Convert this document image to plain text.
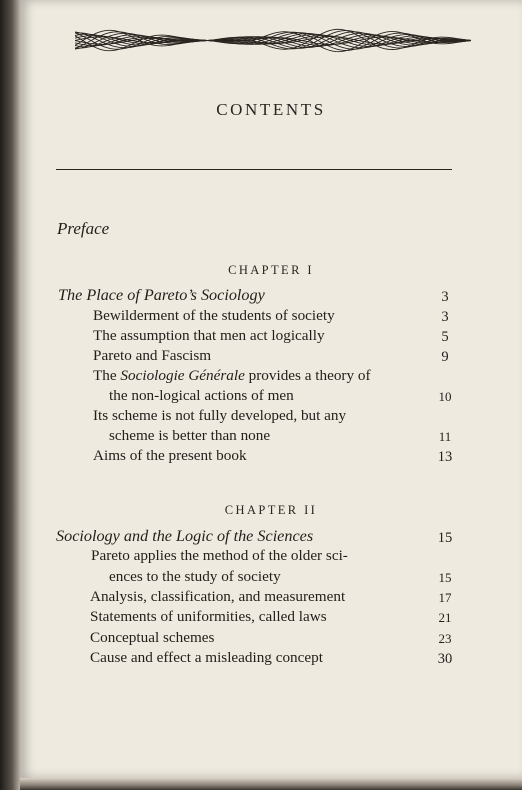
CONTENTS
Preface
CHAPTER I
The Place of Pareto’s Sociology	3
Bewilderment of the students of society	3
The assumption that men act logically	5
Pareto and Fascism	9
The Sociologie Générale provides a theory of
the non-logical actions of men	10
Its scheme is not fully developed, but any
scheme is better than none	11
Aims of the present book	13
CHAPTER II
Sociology and the Logic of the Sciences	15
Pareto applies the method of the older sci-
ences to the study of society	15
Analysis, classification, and measurement	17
Statements of uniformities, called laws	21
Conceptual schemes	23
Cause and effect a misleading concept	30
